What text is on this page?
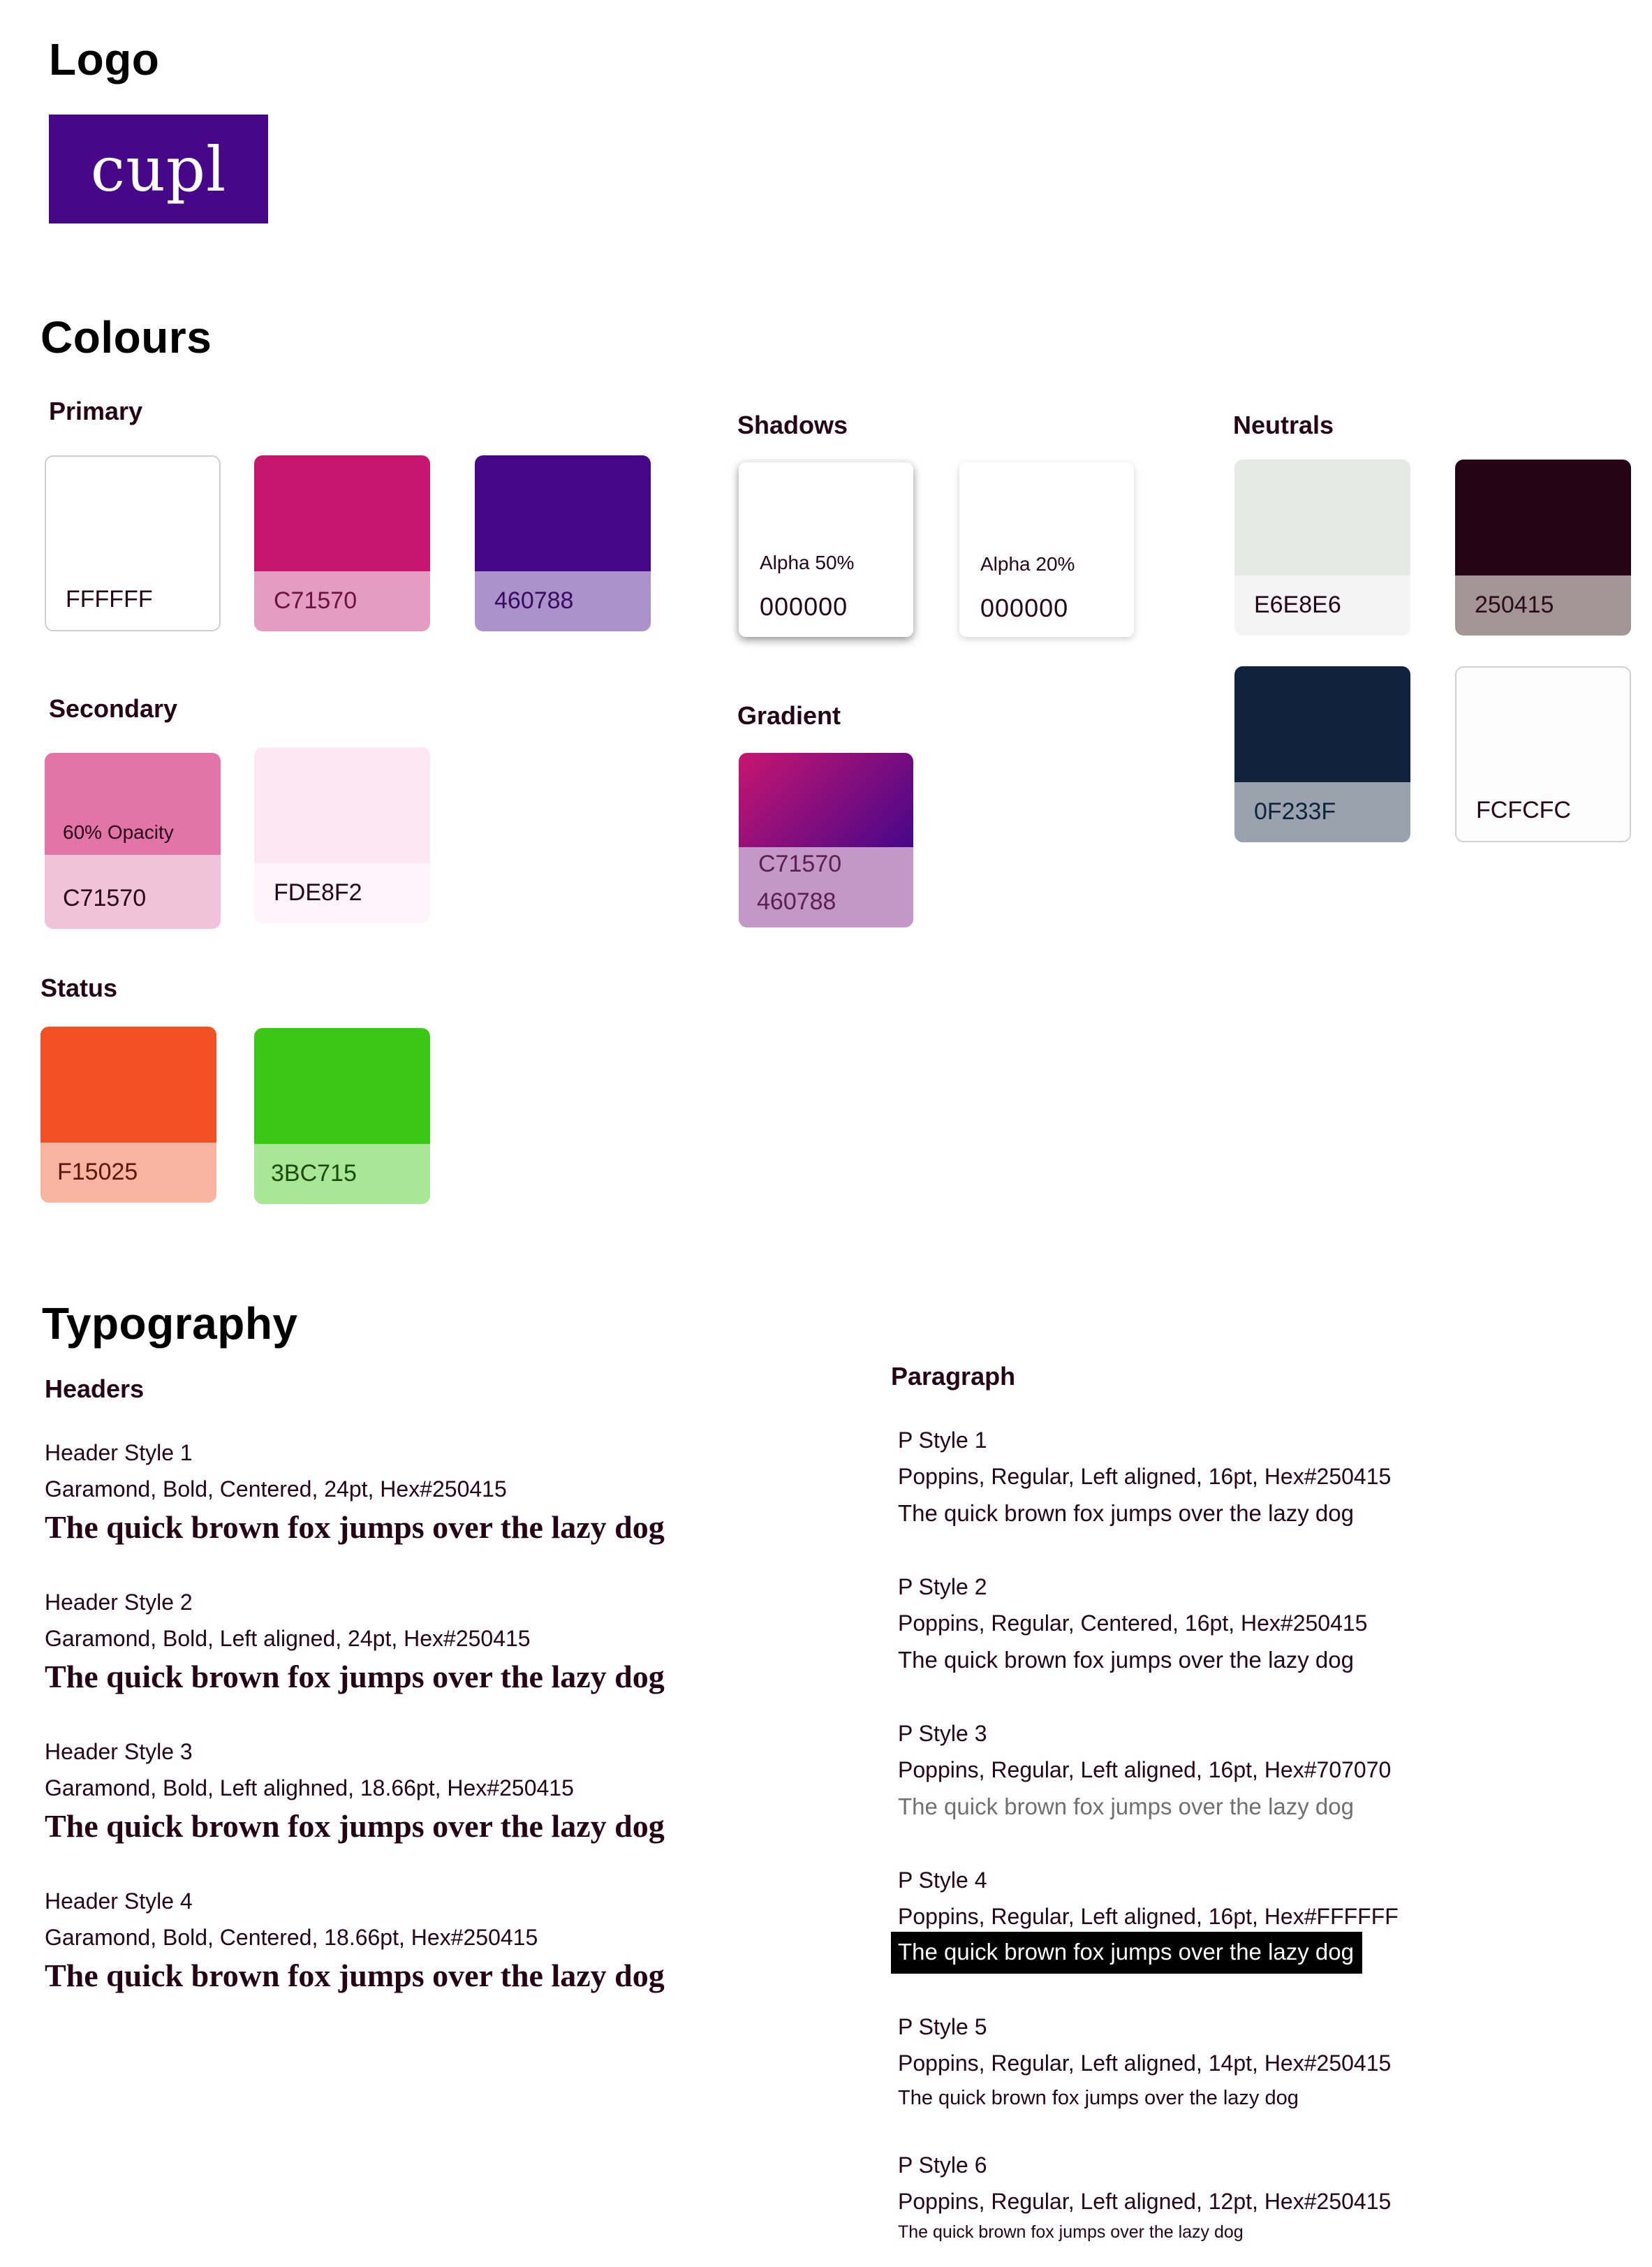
Logo
cupl
Colours
Primary
FFFFFF	C71570	460788
Shadows
Alpha 50%
000000
Alpha 20%
000000
Neutrals
E6E8E6	250415
0F233F	FCFCFC
Secondary
60% Opacity
C71570	FDE8F2
Gradient
C71570
460788
Status
F15025	3BC715
Typography
Headers
Header Style 1
Garamond, Bold, Centered, 24pt, Hex#250415
The quick brown fox jumps over the lazy dog
Header Style 2
Garamond, Bold, Left aligned, 24pt, Hex#250415
The quick brown fox jumps over the lazy dog
Header Style 3
Garamond, Bold, Left alighned, 18.66pt, Hex#250415
The quick brown fox jumps over the lazy dog
Header Style 4
Garamond, Bold, Centered, 18.66pt, Hex#250415
The quick brown fox jumps over the lazy dog
Paragraph
P Style 1
Poppins, Regular, Left aligned, 16pt, Hex#250415
The quick brown fox jumps over the lazy dog
P Style 2
Poppins, Regular, Centered, 16pt, Hex#250415
The quick brown fox jumps over the lazy dog
P Style 3
Poppins, Regular, Left aligned, 16pt, Hex#707070
The quick brown fox jumps over the lazy dog
P Style 4
Poppins, Regular, Left aligned, 16pt, Hex#FFFFFF
The quick brown fox jumps over the lazy dog
P Style 5
Poppins, Regular, Left aligned, 14pt, Hex#250415
The quick brown fox jumps over the lazy dog
P Style 6
Poppins, Regular, Left aligned, 12pt, Hex#250415
The quick brown fox jumps over the lazy dog
